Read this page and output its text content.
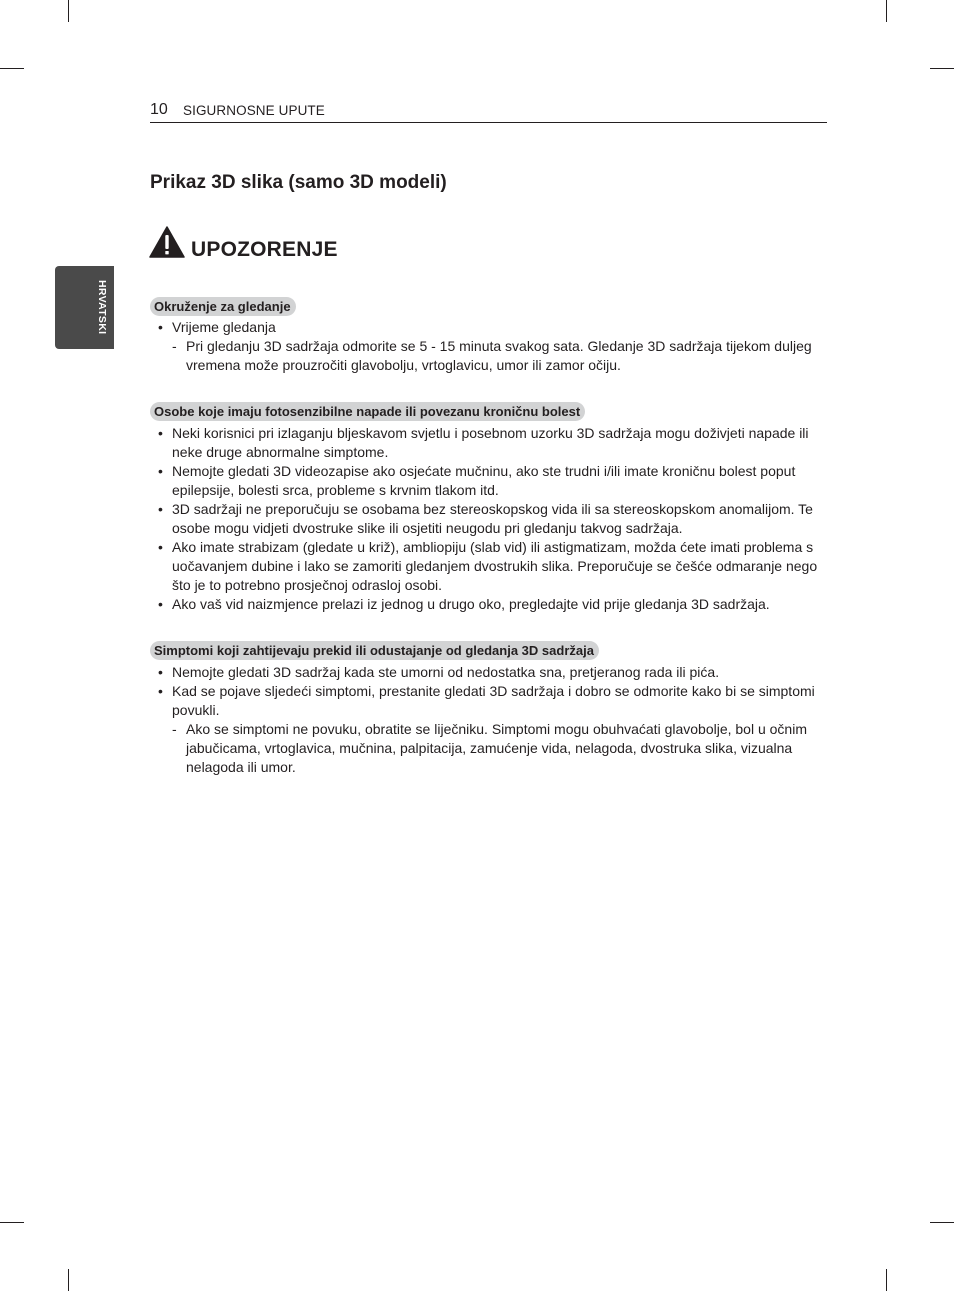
10 SIGURNOSNE UPUTE
HRVATSKI
Prikaz 3D slika (samo 3D modeli)
UPOZORENJE
Okruženje za gledanje
• Vrijeme gledanja
- Pri gledanju 3D sadržaja odmorite se 5 - 15 minuta svakog sata. Gledanje 3D sadržaja tijekom duljeg vremena može prouzročiti glavobolju, vrtoglavicu, umor ili zamor očiju.
Osobe koje imaju fotosenzibilne napade ili povezanu kroničnu bolest
• Neki korisnici pri izlaganju bljeskavom svjetlu i posebnom uzorku 3D sadržaja mogu doživjeti napade ili neke druge abnormalne simptome.
• Nemojte gledati 3D videozapise ako osjećate mučninu, ako ste trudni i/ili imate kroničnu bolest poput epilepsije, bolesti srca, probleme s krvnim tlakom itd.
• 3D sadržaji ne preporučuju se osobama bez stereoskopskog vida ili sa stereoskopskom anomalijom. Te osobe mogu vidjeti dvostruke slike ili osjetiti neugodu pri gledanju takvog sadržaja.
• Ako imate strabizam (gledate u križ), ambliopiju (slab vid) ili astigmatizam, možda ćete imati problema s uočavanjem dubine i lako se zamoriti gledanjem dvostrukih slika. Preporučuje se češće odmaranje nego što je to potrebno prosječnoj odrasloj osobi.
• Ako vaš vid naizmjence prelazi iz jednog u drugo oko, pregledajte vid prije gledanja 3D sadržaja.
Simptomi koji zahtijevaju prekid ili odustajanje od gledanja 3D sadržaja
• Nemojte gledati 3D sadržaj kada ste umorni od nedostatka sna, pretjeranog rada ili pića.
• Kad se pojave sljedeći simptomi, prestanite gledati 3D sadržaja i dobro se odmorite kako bi se simptomi povukli.
- Ako se simptomi ne povuku, obratite se liječniku. Simptomi mogu obuhvaćati glavobolje, bol u očnim jabučicama, vrtoglavica, mučnina, palpitacija, zamućenje vida, nelagoda, dvostruka slika, vizualna nelagoda ili umor.
